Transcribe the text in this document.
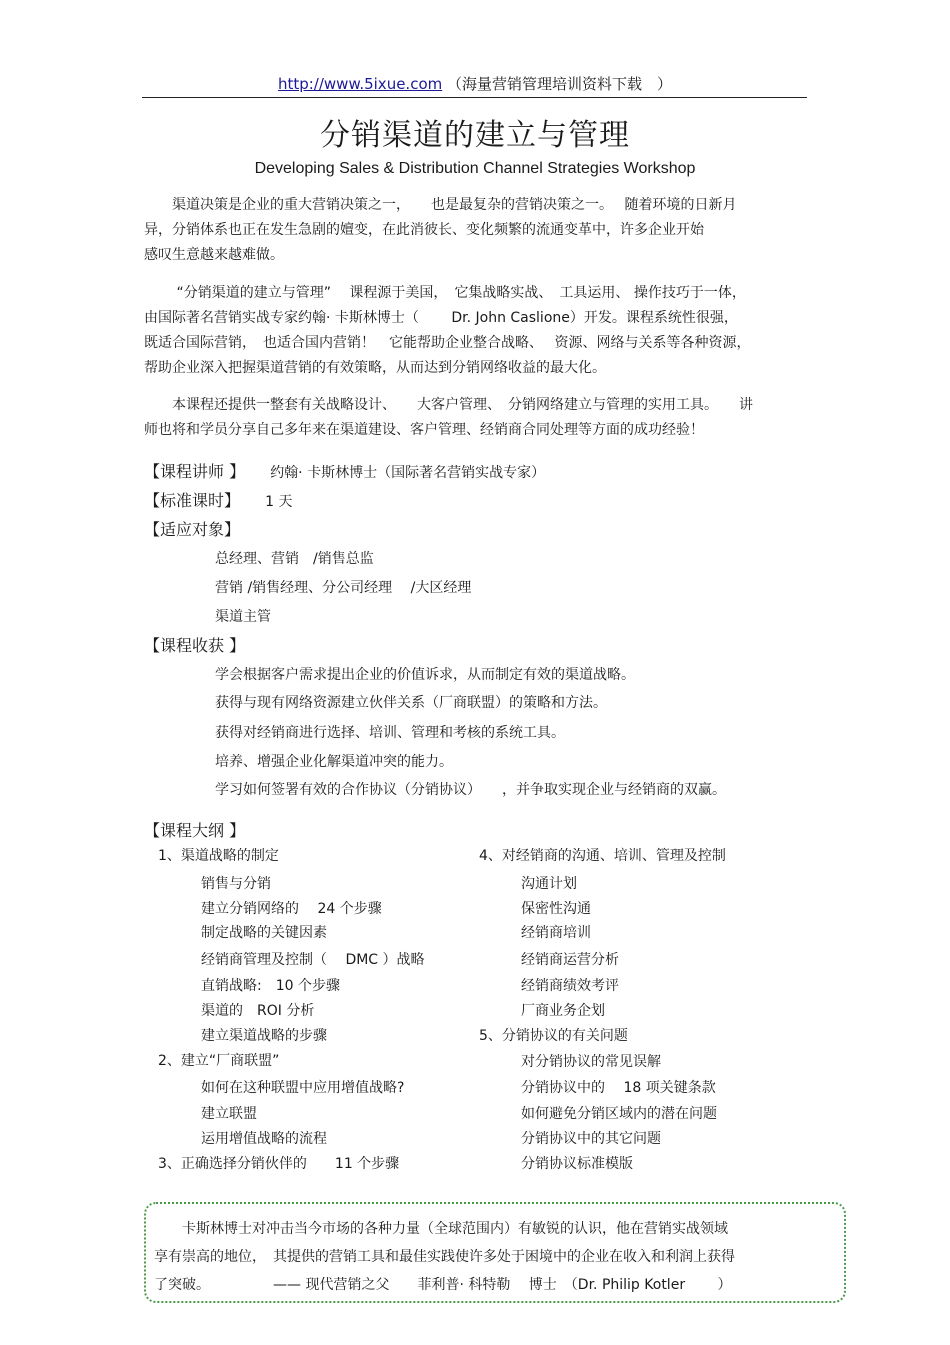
http://www.5ixue.com （海量营销管理培训资料下载　）
分销渠道的建立与管理
Developing Sales & Distribution Channel Strategies Workshop
　　渠道决策是企业的重大营销决策之一，　　也是最复杂的营销决策之一。　 随着环境的日新月
异，分销体系也正在发生急剧的嬗变，在此消彼长、变化频繁的流通变革中，许多企业开始
感叹生意越来越难做。
　　 “分销渠道的建立与管理”　 课程源于美国，　它集战略实战、　工具运用、 操作技巧于一体，
由国际著名营销实战专家约翰· 卡斯林博士（　　 Dr. John Caslione）开发。课程系统性很强，
既适合国际营销，　也适合国内营销！　它能帮助企业整合战略、　 资源、网络与关系等各种资源，
帮助企业深入把握渠道营销的有效策略，从而达到分销网络收益的最大化。
　　本课程还提供一整套有关战略设计、　　大客户管理、　分销网络建立与管理的实用工具。　　讲
师也将和学员分享自己多年来在渠道建设、客户管理、经销商合同处理等方面的成功经验！
【课程讲师 】 约翰· 卡斯林博士（国际著名营销实战专家）
【标准课时】 1 天
【适应对象】
总经理、营销　/销售总监
营销 /销售经理、分公司经理　 /大区经理
渠道主管
【课程收获 】
学会根据客户需求提出企业的价值诉求，从而制定有效的渠道战略。
获得与现有网络资源建立伙伴关系（厂商联盟）的策略和方法。
获得对经销商进行选择、培训、管理和考核的系统工具。
培养、增强企业化解渠道冲突的能力。
学习如何签署有效的合作协议（分销协议）　　，并争取实现企业与经销商的双赢。
【课程大纲 】
1、渠道战略的制定
销售与分销
建立分销网络的　 24 个步骤
制定战略的关键因素
经销商管理及控制（　 DMC ）战略
直销战略:　10 个步骤
渠道的　ROI 分析
建立渠道战略的步骤
2、建立“厂商联盟”
如何在这种联盟中应用增值战略?
建立联盟
运用增值战略的流程
3、正确选择分销伙伴的　　11 个步骤
4、对经销商的沟通、培训、管理及控制
沟通计划
保密性沟通
经销商培训
经销商运营分析
经销商绩效考评
厂商业务企划
5、分销协议的有关问题
对分销协议的常见误解
分销协议中的　 18 项关键条款
如何避免分销区域内的潜在问题
分销协议中的其它问题
分销协议标准模版
　　卡斯林博士对冲击当今市场的各种力量（全球范围内）有敏锐的认识，他在营销实战领域
享有崇高的地位，　其提供的营销工具和最佳实践使许多处于困境中的企业在收入和利润上获得
了突破。　　　　　—— 现代营销之父　　菲利普· 科特勒　 博士　（Dr. Philip Kotler　　 ）
